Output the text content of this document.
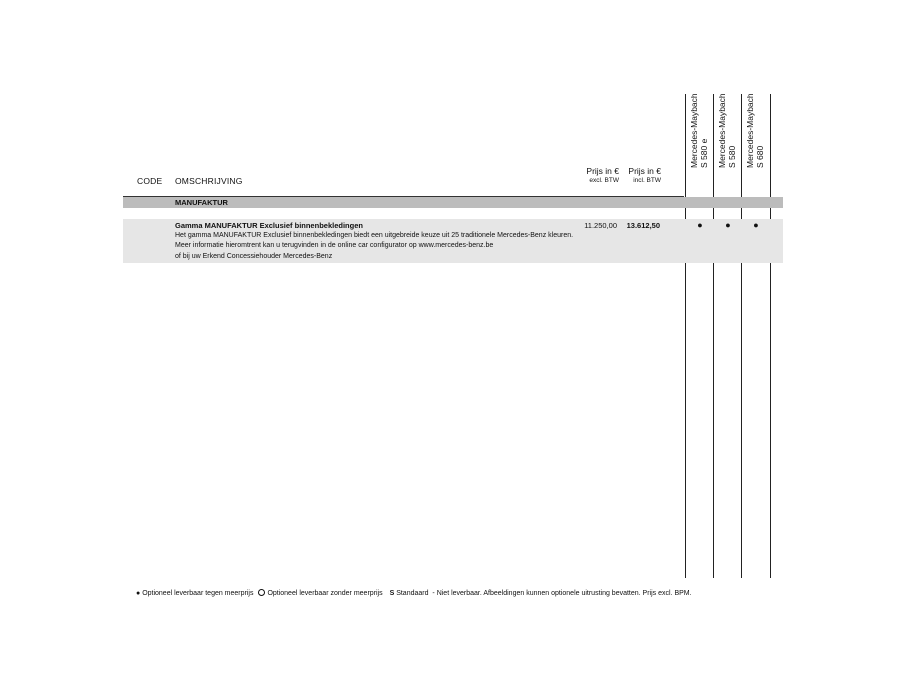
CODE OMSCHRIJVING
Prijs in €
excl. BTW
Prijs in €
incl. BTW
Mercedes-Maybach S 580 e Mercedes-Maybach S 580 Mercedes-Maybach S 680
MANUFAKTUR
Gamma MANUFAKTUR Exclusief binnenbekledingen
Het gamma MANUFAKTUR Exclusief binnenbekledingen biedt een uitgebreide keuze uit 25 traditionele Mercedes-Benz kleuren.
Meer informatie hieromtrent kan u terugvinden in de online car configurator op www.mercedes-benz.be
of bij uw Erkend Concessiehouder Mercedes-Benz
11.250,00	13.612,50	●	●	●
● Optioneel leverbaar tegen meerprijs Optioneel leverbaar zonder meerprijs S Standaard - Niet leverbaar. Afbeeldingen kunnen optionele uitrusting bevatten. Prijs excl. BPM.
